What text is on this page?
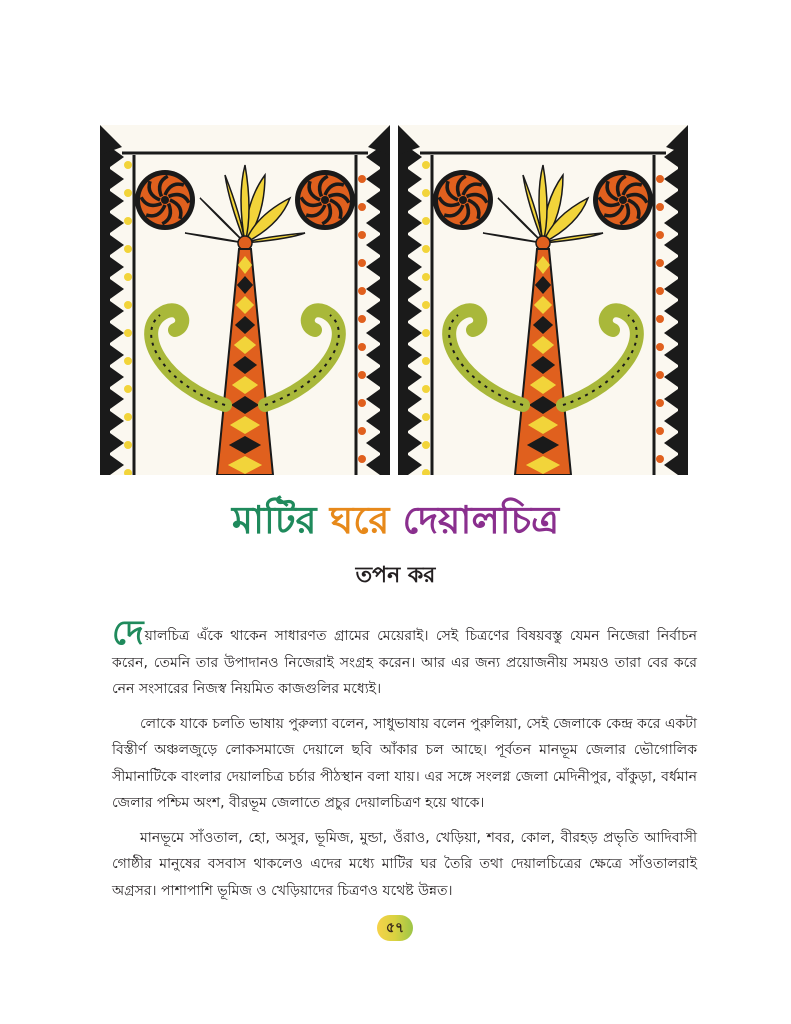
মাটির ঘরে দেয়ালচিত্র
তপন কর

দেয়ালচিত্র এঁকে থাকেন সাধারণত গ্রামের মেয়েরাই। সেই চিত্রণের বিষয়বস্তু যেমন নিজেরা নির্বাচন করেন, তেমনি তার উপাদানও নিজেরাই সংগ্রহ করেন। আর এর জন্য প্রয়োজনীয় সময়ও তারা বের করে নেন সংসারের নিজস্ব নিয়মিত কাজগুলির মধ্যেই।

লোকে যাকে চলতি ভাষায় পুরুল্যা বলেন, সাধুভাষায় বলেন পুরুলিয়া, সেই জেলাকে কেন্দ্র করে একটা বিস্তীর্ণ অঞ্চলজুড়ে লোকসমাজে দেয়ালে ছবি আঁকার চল আছে। পূর্বতন মানভূম জেলার ভৌগোলিক সীমানাটিকে বাংলার দেয়ালচিত্র চর্চার পীঠস্থান বলা যায়। এর সঙ্গে সংলগ্ন জেলা মেদিনীপুর, বাঁকুড়া, বর্ধমান জেলার পশ্চিম অংশ, বীরভূম জেলাতে প্রচুর দেয়ালচিত্রণ হয়ে থাকে।

মানভূমে সাঁওতাল, হো, অসুর, ভূমিজ, মুন্ডা, ওঁরাও, খেড়িয়া, শবর, কোল, বীরহড় প্রভৃতি আদিবাসী গোষ্ঠীর মানুষের বসবাস থাকলেও এদের মধ্যে মাটির ঘর তৈরি তথা দেয়ালচিত্রের ক্ষেত্রে সাঁওতালরাই অগ্রসর। পাশাপাশি ভূমিজ ও খেড়িয়াদের চিত্রণও যথেষ্ট উন্নত।

৫৭
